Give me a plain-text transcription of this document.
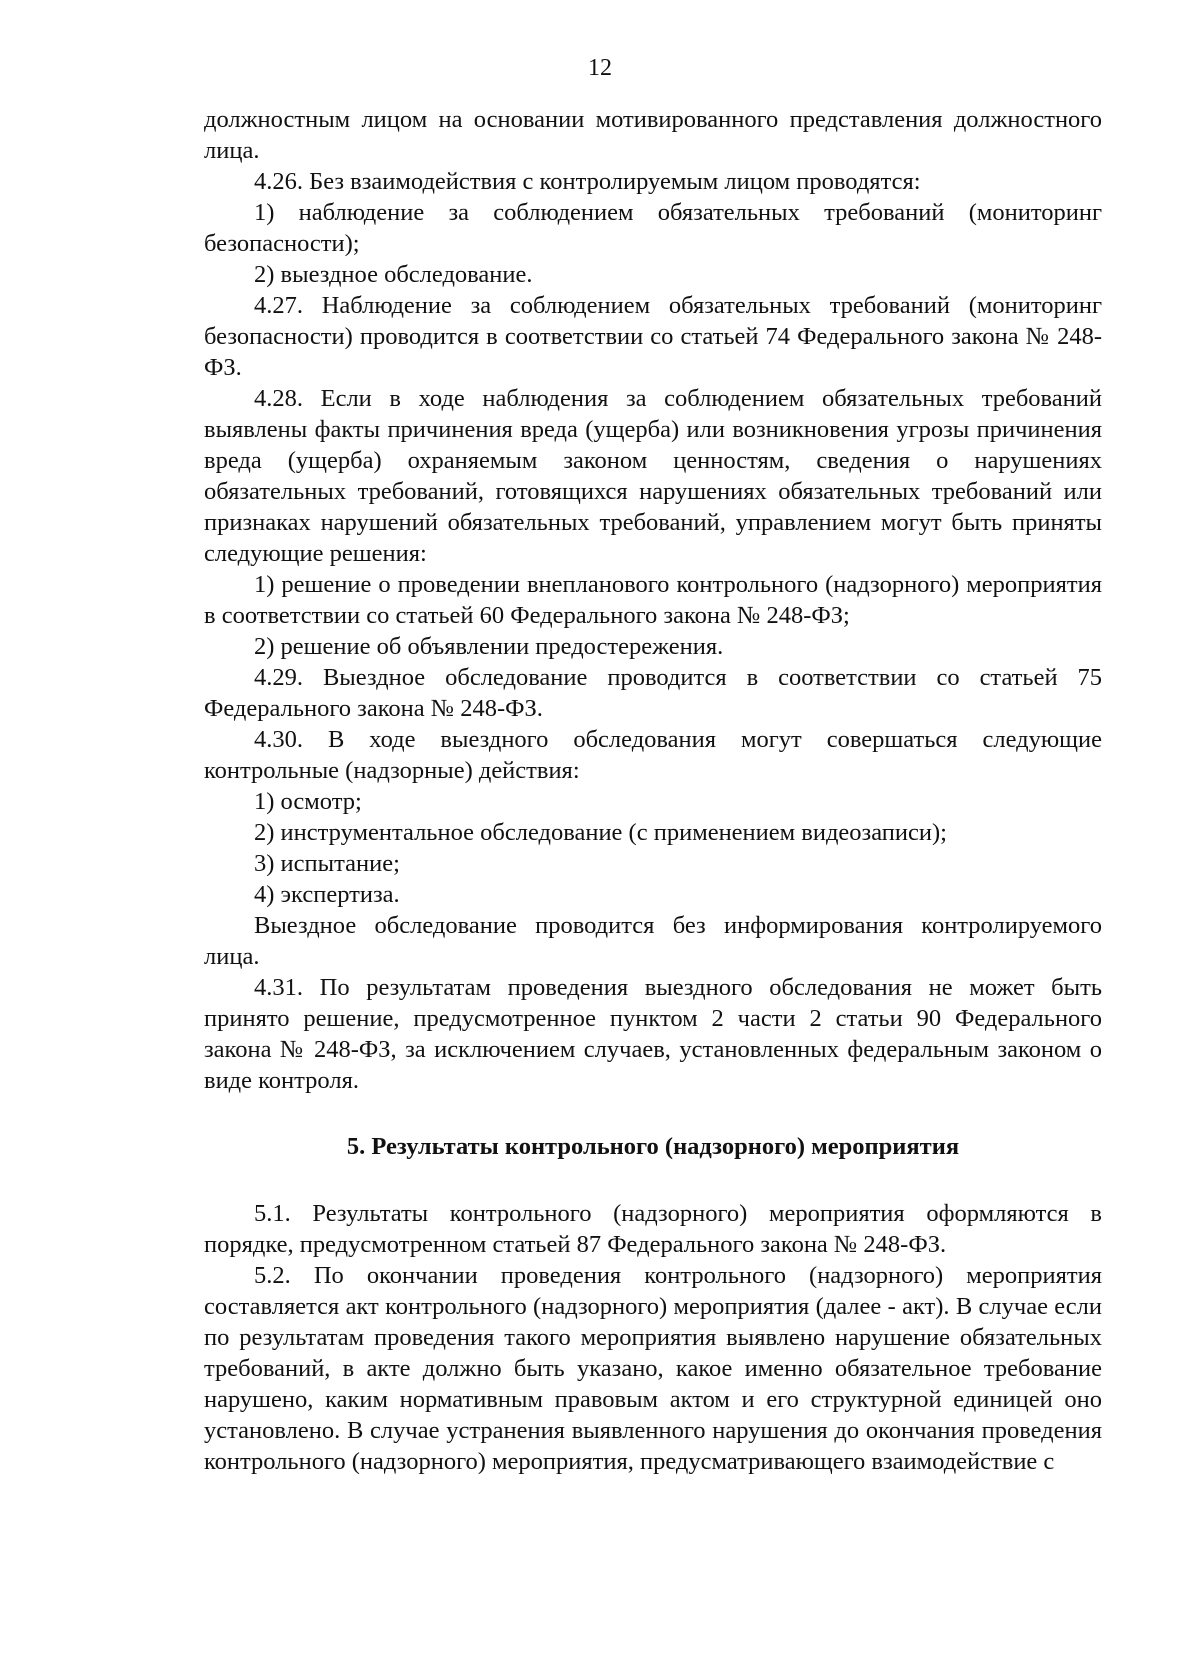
12

должностным лицом на основании мотивированного представления должностного лица.

4.26. Без взаимодействия с контролируемым лицом проводятся:

1) наблюдение за соблюдением обязательных требований (мониторинг безопасности);

2) выездное обследование.

4.27. Наблюдение за соблюдением обязательных требований (мониторинг безопасности) проводится в соответствии со статьей 74 Федерального закона № 248-ФЗ.

4.28. Если в ходе наблюдения за соблюдением обязательных требований выявлены факты причинения вреда (ущерба) или возникновения угрозы причинения вреда (ущерба) охраняемым законом ценностям, сведения о нарушениях обязательных требований, готовящихся нарушениях обязательных требований или признаках нарушений обязательных требований, управлением могут быть приняты следующие решения:

1) решение о проведении внепланового контрольного (надзорного) мероприятия в соответствии со статьей 60 Федерального закона № 248-ФЗ;

2) решение об объявлении предостережения.

4.29. Выездное обследование проводится в соответствии со статьей 75 Федерального закона № 248-ФЗ.

4.30. В ходе выездного обследования могут совершаться следующие контрольные (надзорные) действия:

1) осмотр;

2) инструментальное обследование (с применением видеозаписи);

3) испытание;

4) экспертиза.

Выездное обследование проводится без информирования контролируемого лица.

4.31. По результатам проведения выездного обследования не может быть принято решение, предусмотренное пунктом 2 части 2 статьи 90 Федерального закона № 248-ФЗ, за исключением случаев, установленных федеральным законом о виде контроля.

5. Результаты контрольного (надзорного) мероприятия

5.1. Результаты контрольного (надзорного) мероприятия оформляются в порядке, предусмотренном статьей 87 Федерального закона № 248-ФЗ.

5.2. По окончании проведения контрольного (надзорного) мероприятия составляется акт контрольного (надзорного) мероприятия (далее - акт). В случае если по результатам проведения такого мероприятия выявлено нарушение обязательных требований, в акте должно быть указано, какое именно обязательное требование нарушено, каким нормативным правовым актом и его структурной единицей оно установлено. В случае устранения выявленного нарушения до окончания проведения контрольного (надзорного) мероприятия, предусматривающего взаимодействие с
